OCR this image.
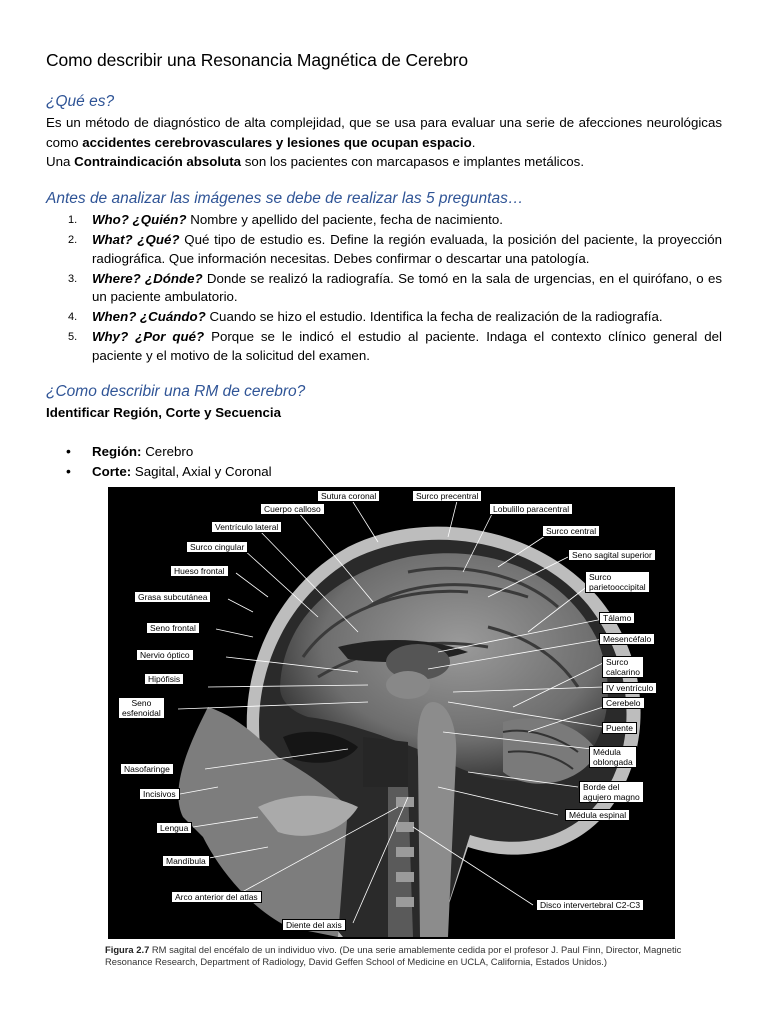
Como describir una Resonancia Magnética de Cerebro
¿Qué es?
Es un método de diagnóstico de alta complejidad, que se usa para evaluar una serie de afecciones neurológicas como accidentes cerebrovasculares y lesiones que ocupan espacio.
Una Contraindicación absoluta son los pacientes con marcapasos e implantes metálicos.
Antes de analizar las imágenes se debe de realizar las 5 preguntas…
1. Who? ¿Quién? Nombre y apellido del paciente, fecha de nacimiento.
2. What? ¿Qué? Qué tipo de estudio es. Define la región evaluada, la posición del paciente, la proyección radiográfica. Que información necesitas. Debes confirmar o descartar una patología.
3. Where? ¿Dónde? Donde se realizó la radiografía. Se tomó en la sala de urgencias, en el quirófano, o es un paciente ambulatorio.
4. When? ¿Cuándo? Cuando se hizo el estudio. Identifica la fecha de realización de la radiografía.
5. Why? ¿Por qué? Porque se le indicó el estudio al paciente. Indaga el contexto clínico general del paciente y el motivo de la solicitud del examen.
¿Como describir una RM de cerebro?
Identificar Región, Corte y Secuencia
• Región: Cerebro
• Corte: Sagital, Axial y Coronal
Sutura coronal	Surco precentral
Cuerpo calloso	Lobulillo paracentral
Ventrículo lateral	Surco central
Surco cingular
Seno sagital superior
Hueso frontal
Surco
parietooccipital
Grasa subcutánea
Tálamo
Seno frontal
Mesencéfalo
Nervio óptico
Surco
calcarino
Hipófisis
IV ventrículo
Seno
esfenoidal
Cerebelo
Puente
Nasofaringe
Médula
oblongada
Incisivos
Borde del
agujero magno
Lengua
Médula espinal
Mandíbula
Arco anterior del atlas
Disco intervertebral C2-C3
Diente del axis
Figura 2.7 RM sagital del encéfalo de un individuo vivo. (De una serie amablemente cedida por el profesor J. Paul Finn, Director, Magnetic Resonance Research, Department of Radiology, David Geffen School of Medicine en UCLA, California, Estados Unidos.)
